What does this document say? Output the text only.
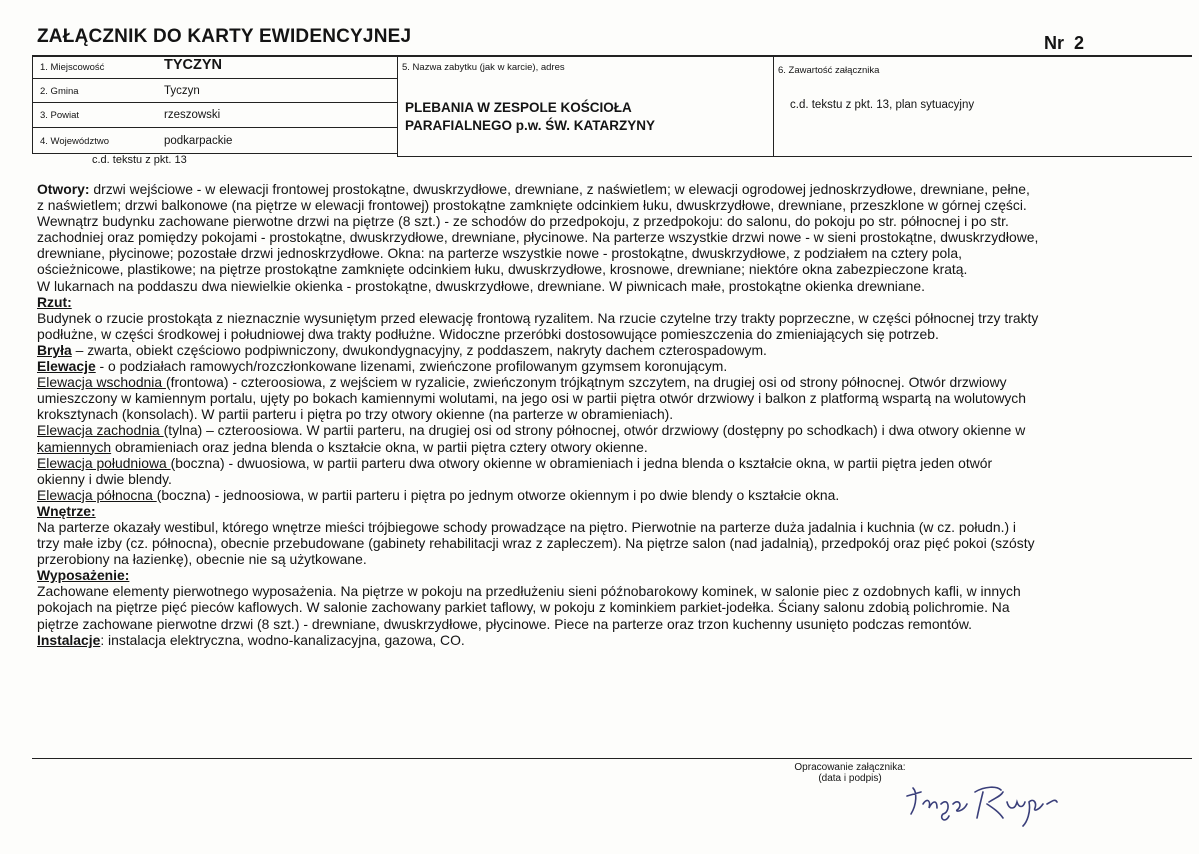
ZAŁĄCZNIK DO KARTY EWIDENCYJNEJ	Nr 2
1. Miejscowość	TYCZYN
2. Gmina	Tyczyn
3. Powiat	rzeszowski
4. Województwo	podkarpackie
5. Nazwa zabytku (jak w karcie), adres
PLEBANIA W ZESPOLE KOŚCIOŁA
PARAFIALNEGO p.w. ŚW. KATARZYNY
6. Zawartość załącznika
c.d. tekstu z pkt. 13, plan sytuacyjny
c.d. tekstu z pkt. 13

Otwory: drzwi wejściowe - w elewacji frontowej prostokątne, dwuskrzydłowe, drewniane, z naświetlem; w elewacji ogrodowej jednoskrzydłowe, drewniane, pełne,

z naświetlem; drzwi balkonowe (na piętrze w elewacji frontowej) prostokątne zamknięte odcinkiem łuku, dwuskrzydłowe, drewniane, przeszklone w górnej części.

Wewnątrz budynku zachowane pierwotne drzwi na piętrze (8 szt.) - ze schodów do przedpokoju, z przedpokoju: do salonu, do pokoju po str. północnej i po str.

zachodniej oraz pomiędzy pokojami - prostokątne, dwuskrzydłowe, drewniane, płycinowe. Na parterze wszystkie drzwi nowe - w sieni prostokątne, dwuskrzydłowe,

drewniane, płycinowe; pozostałe drzwi jednoskrzydłowe. Okna: na parterze wszystkie nowe - prostokątne, dwuskrzydłowe, z podziałem na cztery pola,

ościeżnicowe, plastikowe; na piętrze prostokątne zamknięte odcinkiem łuku, dwuskrzydłowe, krosnowe, drewniane; niektóre okna zabezpieczone kratą.

W lukarnach na poddaszu dwa niewielkie okienka - prostokątne, dwuskrzydłowe, drewniane. W piwnicach małe, prostokątne okienka drewniane.

Rzut:

Budynek o rzucie prostokąta z nieznacznie wysuniętym przed elewację frontową ryzalitem. Na rzucie czytelne trzy trakty poprzeczne, w części północnej trzy trakty

podłużne, w części środkowej i południowej dwa trakty podłużne. Widoczne przeróbki dostosowujące pomieszczenia do zmieniających się potrzeb.

Bryła – zwarta, obiekt częściowo podpiwniczony, dwukondygnacyjny, z poddaszem, nakryty dachem czterospadowym.

Elewacje - o podziałach ramowych/rozczłonkowane lizenami, zwieńczone profilowanym gzymsem koronującym.

Elewacja wschodnia (frontowa) - czteroosiowa, z wejściem w ryzalicie, zwieńczonym trójkątnym szczytem, na drugiej osi od strony północnej. Otwór drzwiowy

umieszczony w kamiennym portalu, ujęty po bokach kamiennymi wolutami, na jego osi w partii piętra otwór drzwiowy i balkon z platformą wspartą na wolutowych

kroksztynach (konsolach). W partii parteru i piętra po trzy otwory okienne (na parterze w obramieniach).

Elewacja zachodnia (tylna) – czteroosiowa. W partii parteru, na drugiej osi od strony północnej, otwór drzwiowy (dostępny po schodkach) i dwa otwory okienne w

kamiennych obramieniach oraz jedna blenda o kształcie okna, w partii piętra cztery otwory okienne.

Elewacja południowa (boczna) - dwuosiowa, w partii parteru dwa otwory okienne w obramieniach i jedna blenda o kształcie okna, w partii piętra jeden otwór

okienny i dwie blendy.

Elewacja północna (boczna) - jednoosiowa, w partii parteru i piętra po jednym otworze okiennym i po dwie blendy o kształcie okna.

Wnętrze:

Na parterze okazały westibul, którego wnętrze mieści trójbiegowe schody prowadzące na piętro. Pierwotnie na parterze duża jadalnia i kuchnia (w cz. połudn.) i

trzy małe izby (cz. północna), obecnie przebudowane (gabinety rehabilitacji wraz z zapleczem). Na piętrze salon (nad jadalnią), przedpokój oraz pięć pokoi (szósty

przerobiony na łazienkę), obecnie nie są użytkowane.

Wyposażenie:

Zachowane elementy pierwotnego wyposażenia. Na piętrze w pokoju na przedłużeniu sieni późnobarokowy kominek, w salonie piec z ozdobnych kafli, w innych

pokojach na piętrze pięć pieców kaflowych. W salonie zachowany parkiet taflowy, w pokoju z kominkiem parkiet-jodełka. Ściany salonu zdobią polichromie. Na

piętrze zachowane pierwotne drzwi (8 szt.) - drewniane, dwuskrzydłowe, płycinowe. Piece na parterze oraz trzon kuchenny usunięto podczas remontów.

Instalacje: instalacja elektryczna, wodno-kanalizacyjna, gazowa, CO.

Opracowanie załącznika:
(data i podpis)
